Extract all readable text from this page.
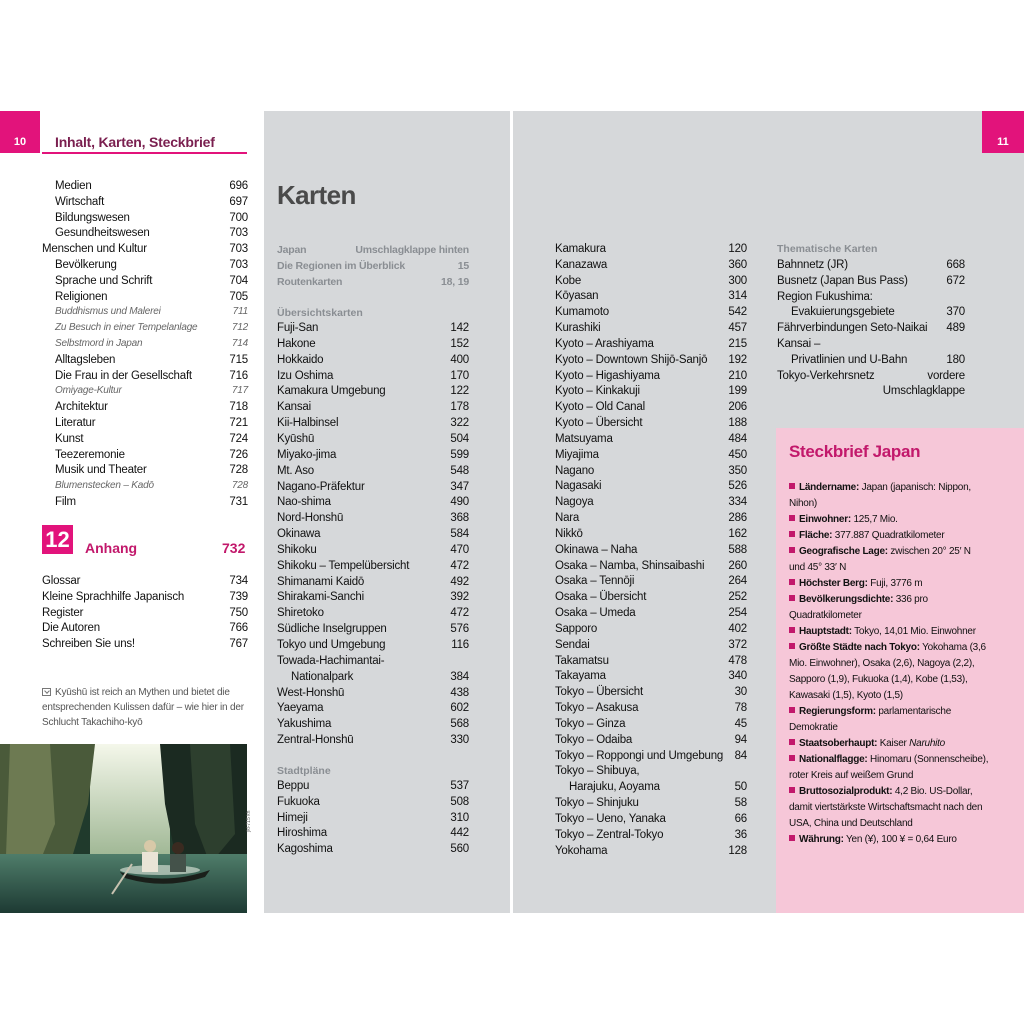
10 Inhalt, Karten, Steckbrief
Medien	696
Wirtschaft	697
Bildungswesen	700
Gesundheitswesen	703
Menschen und Kultur	703
Bevölkerung	703
Sprache und Schrift	704
Religionen	705
Buddhismus und Malerei	711
Zu Besuch in einer Tempelanlage	712
Selbstmord in Japan	714
Alltagsleben	715
Die Frau in der Gesellschaft	716
Omiyage-Kultur	717
Architektur	718
Literatur	721
Kunst	724
Teezeremonie	726
Musik und Theater	728
Blumenstecken – Kadō	728
Film	731
12 Anhang	732
Glossar	734
Kleine Sprachhilfe Japanisch	739
Register	750
Die Autoren	766
Schreiben Sie uns!	767
Kyūshū ist reich an Mythen und bietet die entsprechenden Kulissen dafür – wie hier in der Schlucht Takachiho-kyō
jkl-715 kh
Karten
Japan	Umschlagklappe hinten
Die Regionen im Überblick	15
Routenkarten	18, 19
Übersichtskarten
Fuji-San	142
Hakone	152
Hokkaido	400
Izu Oshima	170
Kamakura Umgebung	122
Kansai	178
Kii-Halbinsel	322
Kyūshū	504
Miyako-jima	599
Mt. Aso	548
Nagano-Präfektur	347
Nao-shima	490
Nord-Honshū	368
Okinawa	584
Shikoku	470
Shikoku – Tempelübersicht	472
Shimanami Kaidō	492
Shirakami-Sanchi	392
Shiretoko	472
Südliche Inselgruppen	576
Tokyo und Umgebung	116
Towada-Hachimantai-
Nationalpark	384
West-Honshū	438
Yaeyama	602
Yakushima	568
Zentral-Honshū	330
Stadtpläne
Beppu	537
Fukuoka	508
Himeji	310
Hiroshima	442
Kagoshima	560
Kamakura	120
Kanazawa	360
Kobe	300
Kōyasan	314
Kumamoto	542
Kurashiki	457
Kyoto – Arashiyama	215
Kyoto – Downtown Shijō-Sanjō 192
Kyoto – Higashiyama	210
Kyoto – Kinkakuji	199
Kyoto – Old Canal	206
Kyoto – Übersicht	188
Matsuyama	484
Miyajima	450
Nagano	350
Nagasaki	526
Nagoya	334
Nara	286
Nikkō	162
Okinawa – Naha	588
Osaka – Namba, Shinsaibashi 260
Osaka – Tennōji	264
Osaka – Übersicht	252
Osaka – Umeda	254
Sapporo	402
Sendai	372
Takamatsu	478
Takayama	340
Tokyo – Übersicht	30
Tokyo – Asakusa	78
Tokyo – Ginza	45
Tokyo – Odaiba	94
Tokyo – Roppongi und Umgebung 84
Tokyo – Shibuya,
Harajuku, Aoyama	50
Tokyo – Shinjuku	58
Tokyo – Ueno, Yanaka	66
Tokyo – Zentral-Tokyo	36
Yokohama	128
11
Thematische Karten
Bahnnetz (JR)	668
Busnetz (Japan Bus Pass)	672
Region Fukushima:
Evakuierungsgebiete	370
Fährverbindungen Seto-Naikai 489
Kansai –
Privatlinien und U-Bahn	180
Tokyo-Verkehrsnetz	vordere
Umschlagklappe
Steckbrief Japan

Ländername: Japan (japanisch: Nippon, Nihon)

Einwohner: 125,7 Mio.

Fläche: 377.887 Quadratkilometer

Geografische Lage: zwischen 20° 25′ N und 45° 33′ N

Höchster Berg: Fuji, 3776 m

Bevölkerungsdichte: 336 pro Quadratkilometer

Hauptstadt: Tokyo, 14,01 Mio. Einwohner

Größte Städte nach Tokyo: Yokohama (3,6 Mio. Einwohner), Osaka (2,6), Nagoya (2,2), Sapporo (1,9), Fukuoka (1,4), Kobe (1,53), Kawasaki (1,5), Kyoto (1,5)

Regierungsform: parlamentarische Demokratie

Staatsoberhaupt: Kaiser Naruhito

Nationalflagge: Hinomaru (Sonnenscheibe), roter Kreis auf weißem Grund

Bruttosozialprodukt: 4,2 Bio. US-Dollar, damit viertstärkste Wirtschaftsmacht nach den USA, China und Deutschland

Währung: Yen (¥), 100 ¥ = 0,64 Euro
